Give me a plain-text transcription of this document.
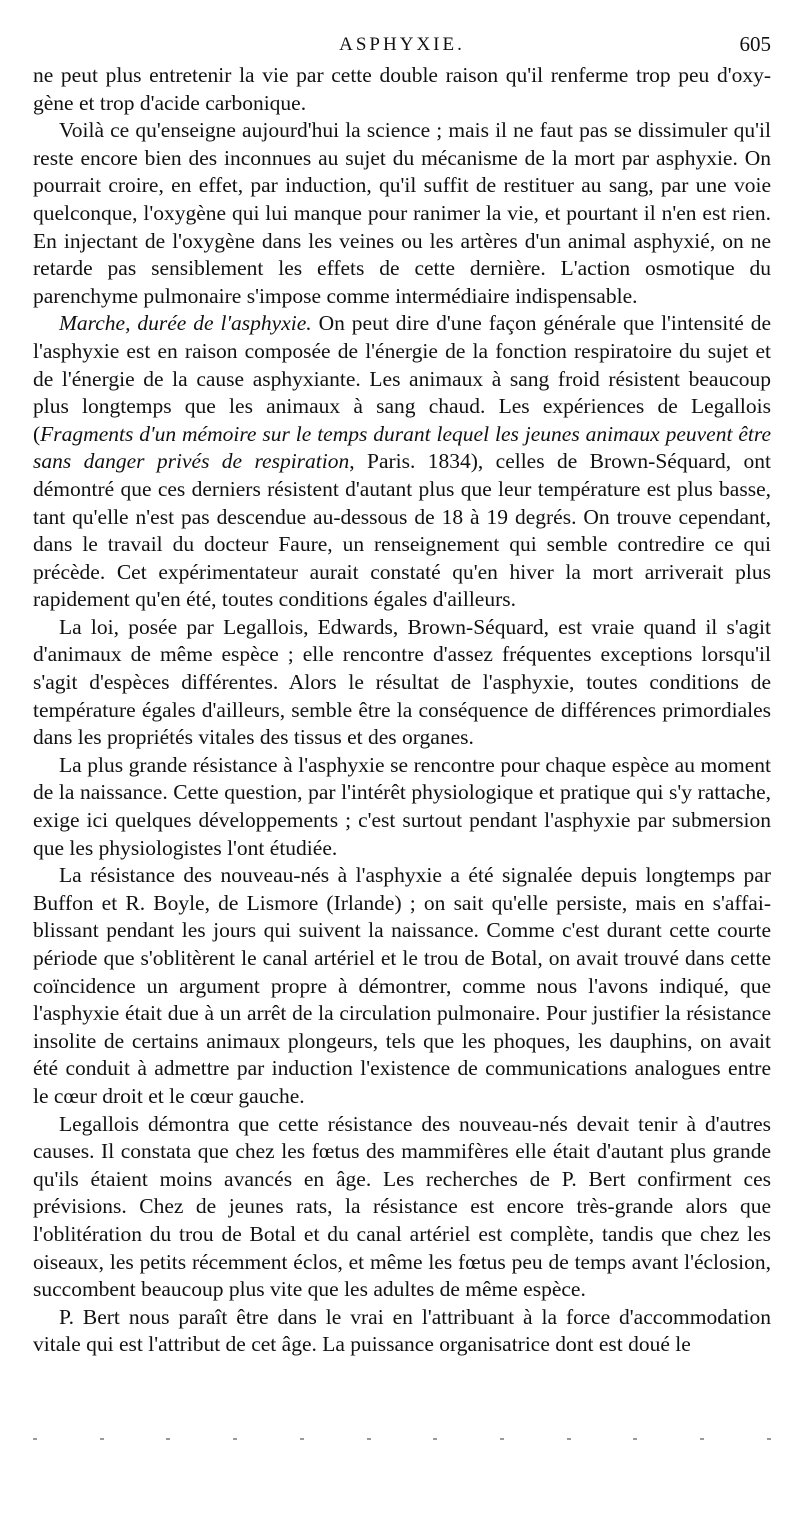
ASPHYXIE.	605

ne peut plus entretenir la vie par cette double raison qu'il renferme trop peu d'oxygène et trop d'acide carbonique.

Voilà ce qu'enseigne aujourd'hui la science ; mais il ne faut pas se dissimuler qu'il reste encore bien des inconnues au sujet du mécanisme de la mort par asphyxie. On pourrait croire, en effet, par induction, qu'il suffit de restituer au sang, par une voie quelconque, l'oxygène qui lui manque pour ranimer la vie, et pourtant il n'en est rien. En injectant de l'oxygène dans les veines ou les artères d'un animal asphyxié, on ne retarde pas sensiblement les effets de cette dernière. L'action osmotique du parenchyme pulmonaire s'impose comme intermédiaire indispensable.

Marche, durée de l'asphyxie. On peut dire d'une façon générale que l'intensité de l'asphyxie est en raison composée de l'énergie de la fonction respiratoire du sujet et de l'énergie de la cause asphyxiante. Les animaux à sang froid résistent beaucoup plus longtemps que les animaux à sang chaud. Les expériences de Legallois (Fragments d'un mémoire sur le temps durant lequel les jeunes animaux peuvent être sans danger privés de respiration, Paris. 1834), celles de Brown-Séquard, ont démontré que ces derniers résistent d'autant plus que leur température est plus basse, tant qu'elle n'est pas descendue au-dessous de 18 à 19 degrés. On trouve cependant, dans le travail du docteur Faure, un renseignement qui semble contredire ce qui précède. Cet expérimentateur aurait constaté qu'en hiver la mort arriverait plus rapidement qu'en été, toutes conditions égales d'ailleurs.

La loi, posée par Legallois, Edwards, Brown-Séquard, est vraie quand il s'agit d'animaux de même espèce ; elle rencontre d'assez fréquentes exceptions lorsqu'il s'agit d'espèces différentes. Alors le résultat de l'asphyxie, toutes conditions de température égales d'ailleurs, semble être la conséquence de différences primordiales dans les propriétés vitales des tissus et des organes.

La plus grande résistance à l'asphyxie se rencontre pour chaque espèce au moment de la naissance. Cette question, par l'intérêt physiologique et pratique qui s'y rattache, exige ici quelques développements ; c'est surtout pendant l'asphyxie par submersion que les physiologistes l'ont étudiée.

La résistance des nouveau-nés à l'asphyxie a été signalée depuis longtemps par Buffon et R. Boyle, de Lismore (Irlande) ; on sait qu'elle persiste, mais en s'affaiblissant pendant les jours qui suivent la naissance. Comme c'est durant cette courte période que s'oblitèrent le canal artériel et le trou de Botal, on avait trouvé dans cette coïncidence un argument propre à démontrer, comme nous l'avons indiqué, que l'asphyxie était due à un arrêt de la circulation pulmonaire. Pour justifier la résistance insolite de certains animaux plongeurs, tels que les phoques, les dauphins, on avait été conduit à admettre par induction l'existence de communications analogues entre le cœur droit et le cœur gauche.

Legallois démontra que cette résistance des nouveau-nés devait tenir à d'autres causes. Il constata que chez les fœtus des mammifères elle était d'autant plus grande qu'ils étaient moins avancés en âge. Les recherches de P. Bert confirment ces prévisions. Chez de jeunes rats, la résistance est encore très-grande alors que l'oblitération du trou de Botal et du canal artériel est complète, tandis que chez les oiseaux, les petits récemment éclos, et même les fœtus peu de temps avant l'éclosion, succombent beaucoup plus vite que les adultes de même espèce.

P. Bert nous paraît être dans le vrai en l'attribuant à la force d'accommodation vitale qui est l'attribut de cet âge. La puissance organisatrice dont est doué le
